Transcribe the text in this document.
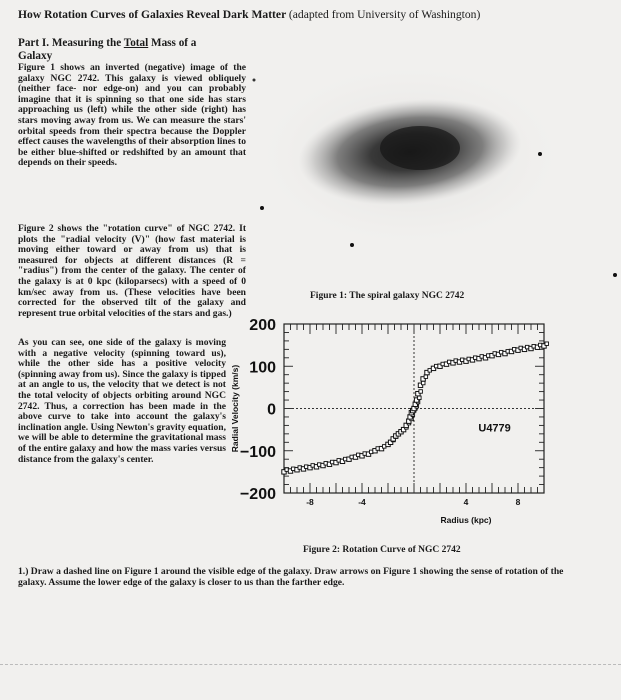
How Rotation Curves of Galaxies Reveal Dark Matter (adapted from University of Washington)
Part I. Measuring the Total Mass of a Galaxy
Figure 1 shows an inverted (negative) image of the galaxy NGC 2742. This galaxy is viewed obliquely (neither face- nor edge-on) and you can probably imagine that it is spinning so that one side has stars approaching us (left) while the other side (right) has stars moving away from us. We can measure the stars' orbital speeds from their spectra because the Doppler effect causes the wavelengths of their absorption lines to be either blue-shifted or redshifted by an amount that depends on their speeds.
Figure 2 shows the "rotation curve" of NGC 2742. It plots the "radial velocity (V)" (how fast material is moving either toward or away from us) that is measured for objects at different distances (R = "radius") from the center of the galaxy. The center of the galaxy is at 0 kpc (kiloparsecs) with a speed of 0 km/sec away from us. (These velocities have been corrected for the observed tilt of the galaxy and represent true orbital velocities of the stars and gas.)
As you can see, one side of the galaxy is moving with a negative velocity (spinning toward us), while the other side has a positive velocity (spinning away from us). Since the galaxy is tipped at an angle to us, the velocity that we detect is not the total velocity of objects orbiting around NGC 2742. Thus, a correction has been made in the above curve to take into account the galaxy's inclination angle. Using Newton's gravity equation, we will be able to determine the gravitational mass of the entire galaxy and how the mass varies versus distance from the galaxy's center.
Figure 1: The spiral galaxy NGC 2742
200
100
0
−100
−200	-8	-4	4	8
Radius (kpc)
Radial Velocity (km/s)	U4779
Figure 2: Rotation Curve of NGC 2742
1.) Draw a dashed line on Figure 1 around the visible edge of the galaxy. Draw arrows on Figure 1 showing the sense of rotation of the galaxy. Assume the lower edge of the galaxy is closer to us than the farther edge.
